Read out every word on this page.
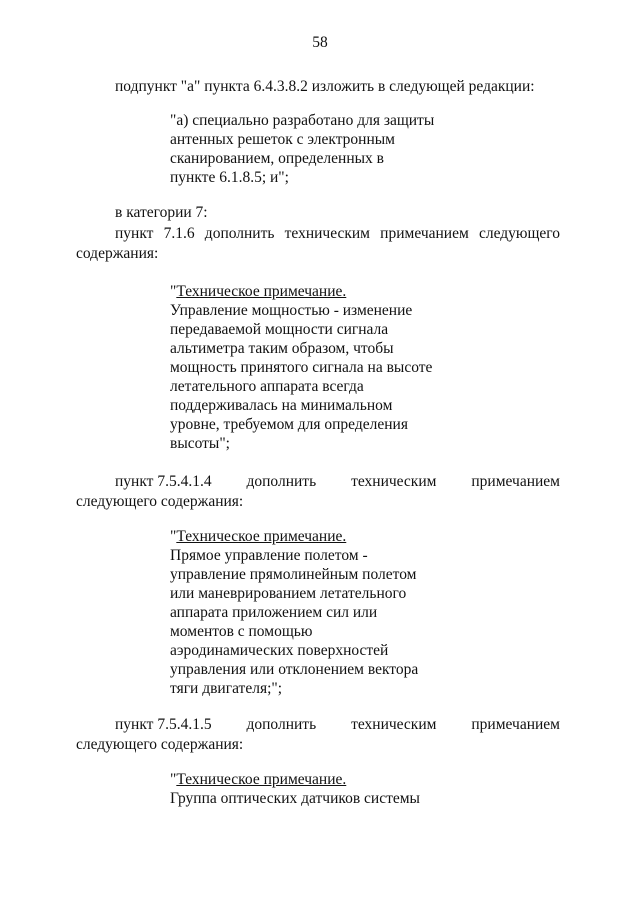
58
подпункт "а" пункта 6.4.3.8.2 изложить в следующей редакции:
"а) специально разработано для защиты
антенных решеток с электронным
сканированием, определенных в
пункте 6.1.8.5; и";
в категории 7:
пункт 7.1.6 дополнить техническим примечанием следующего
содержания:
"Техническое примечание.
Управление мощностью - изменение
передаваемой мощности сигнала
альтиметра таким образом, чтобы
мощность принятого сигнала на высоте
летательного аппарата всегда
поддерживалась на минимальном
уровне, требуемом для определения
высоты";
пункт 7.5.4.1.4 дополнить техническим примечанием
следующего содержания:
"Техническое примечание.
Прямое управление полетом -
управление прямолинейным полетом
или маневрированием летательного
аппарата приложением сил или
моментов с помощью
аэродинамических поверхностей
управления или отклонением вектора
тяги двигателя;";
пункт 7.5.4.1.5 дополнить техническим примечанием
следующего содержания:
"Техническое примечание.
Группа оптических датчиков системы
